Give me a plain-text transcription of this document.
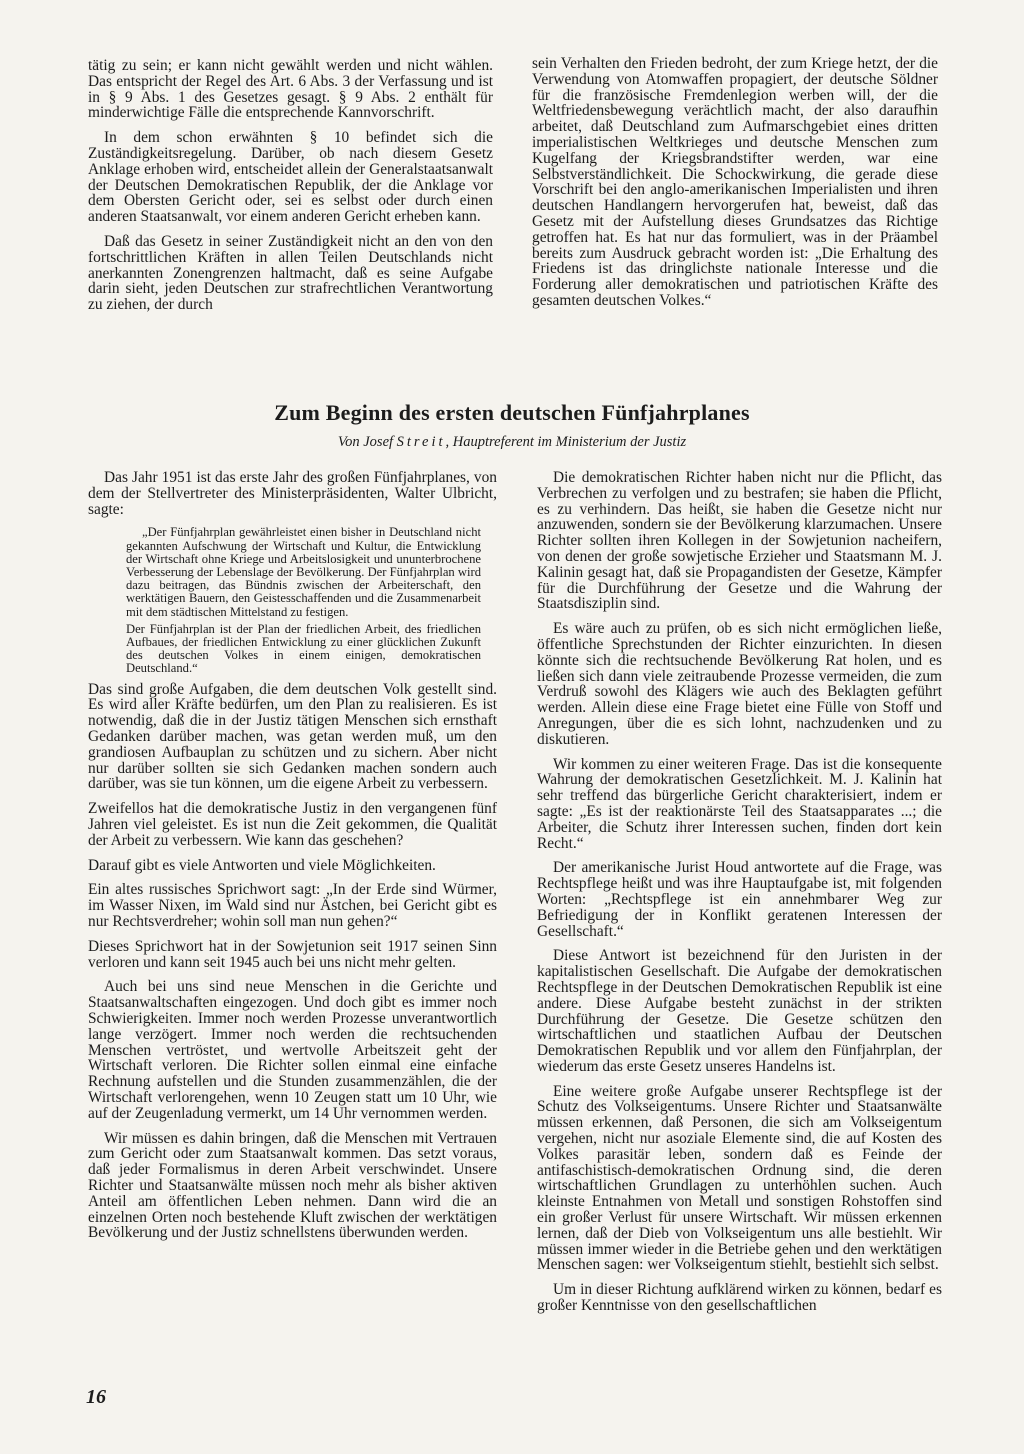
tätig zu sein; er kann nicht gewählt werden und nicht wählen. Das entspricht der Regel des Art. 6 Abs. 3 der Verfassung und ist in § 9 Abs. 1 des Gesetzes gesagt. § 9 Abs. 2 enthält für minderwichtige Fälle die entsprechende Kannvorschrift.

In dem schon erwähnten § 10 befindet sich die Zuständigkeitsregelung. Darüber, ob nach diesem Gesetz Anklage erhoben wird, entscheidet allein der Generalstaatsanwalt der Deutschen Demokratischen Republik, der die Anklage vor dem Obersten Gericht oder, sei es selbst oder durch einen anderen Staatsanwalt, vor einem anderen Gericht erheben kann.

Daß das Gesetz in seiner Zuständigkeit nicht an den von den fortschrittlichen Kräften in allen Teilen Deutschlands nicht anerkannten Zonengrenzen haltmacht, daß es seine Aufgabe darin sieht, jeden Deutschen zur strafrechtlichen Verantwortung zu ziehen, der durch

sein Verhalten den Frieden bedroht, der zum Kriege hetzt, der die Verwendung von Atomwaffen propagiert, der deutsche Söldner für die französische Fremdenlegion werben will, der die Weltfriedensbewegung verächtlich macht, der also daraufhin arbeitet, daß Deutschland zum Aufmarschgebiet eines dritten imperialistischen Weltkrieges und deutsche Menschen zum Kugelfang der Kriegsbrandstifter werden, war eine Selbstverständlichkeit. Die Schockwirkung, die gerade diese Vorschrift bei den anglo-amerikanischen Imperialisten und ihren deutschen Handlangern hervorgerufen hat, beweist, daß das Gesetz mit der Aufstellung dieses Grundsatzes das Richtige getroffen hat. Es hat nur das formuliert, was in der Präambel bereits zum Ausdruck gebracht worden ist: „Die Erhaltung des Friedens ist das dringlichste nationale Interesse und die Forderung aller demokratischen und patriotischen Kräfte des gesamten deutschen Volkes.“

Zum Beginn des ersten deutschen Fünfjahrplanes
Von Josef Streit, Hauptreferent im Ministerium der Justiz

Das Jahr 1951 ist das erste Jahr des großen Fünfjahrplanes, von dem der Stellvertreter des Ministerpräsidenten, Walter Ulbricht, sagte:

„Der Fünfjahrplan gewährleistet einen bisher in Deutschland nicht gekannten Aufschwung der Wirtschaft und Kultur, die Entwicklung der Wirtschaft ohne Kriege und Arbeitslosigkeit und ununterbrochene Verbesserung der Lebenslage der Bevölkerung. Der Fünfjahrplan wird dazu beitragen, das Bündnis zwischen der Arbeiterschaft, den werktätigen Bauern, den Geistesschaffenden und die Zusammenarbeit mit dem städtischen Mittelstand zu festigen.

Der Fünfjahrplan ist der Plan der friedlichen Arbeit, des friedlichen Aufbaues, der friedlichen Entwicklung zu einer glücklichen Zukunft des deutschen Volkes in einem einigen, demokratischen Deutschland.“

Das sind große Aufgaben, die dem deutschen Volk gestellt sind. Es wird aller Kräfte bedürfen, um den Plan zu realisieren. Es ist notwendig, daß die in der Justiz tätigen Menschen sich ernsthaft Gedanken darüber machen, was getan werden muß, um den grandiosen Aufbauplan zu schützen und zu sichern. Aber nicht nur darüber sollten sie sich Gedanken machen sondern auch darüber, was sie tun können, um die eigene Arbeit zu verbessern.

Zweifellos hat die demokratische Justiz in den vergangenen fünf Jahren viel geleistet. Es ist nun die Zeit gekommen, die Qualität der Arbeit zu verbessern. Wie kann das geschehen?

Darauf gibt es viele Antworten und viele Möglichkeiten.

Ein altes russisches Sprichwort sagt: „In der Erde sind Würmer, im Wasser Nixen, im Wald sind nur Ästchen, bei Gericht gibt es nur Rechtsverdreher; wohin soll man nun gehen?“

Dieses Sprichwort hat in der Sowjetunion seit 1917 seinen Sinn verloren und kann seit 1945 auch bei uns nicht mehr gelten.

Auch bei uns sind neue Menschen in die Gerichte und Staatsanwaltschaften eingezogen. Und doch gibt es immer noch Schwierigkeiten. Immer noch werden Prozesse unverantwortlich lange verzögert. Immer noch werden die rechtsuchenden Menschen vertröstet, und wertvolle Arbeitszeit geht der Wirtschaft verloren. Die Richter sollen einmal eine einfache Rechnung aufstellen und die Stunden zusammenzählen, die der Wirtschaft verlorengehen, wenn 10 Zeugen statt um 10 Uhr, wie auf der Zeugenladung vermerkt, um 14 Uhr vernommen werden.

Wir müssen es dahin bringen, daß die Menschen mit Vertrauen zum Gericht oder zum Staatsanwalt kommen. Das setzt voraus, daß jeder Formalismus in deren Arbeit verschwindet. Unsere Richter und Staatsanwälte müssen noch mehr als bisher aktiven Anteil am öffentlichen Leben nehmen. Dann wird die an einzelnen Orten noch bestehende Kluft zwischen der werktätigen Bevölkerung und der Justiz schnellstens überwunden werden.

Die demokratischen Richter haben nicht nur die Pflicht, das Verbrechen zu verfolgen und zu bestrafen; sie haben die Pflicht, es zu verhindern. Das heißt, sie haben die Gesetze nicht nur anzuwenden, sondern sie der Bevölkerung klarzumachen. Unsere Richter sollten ihren Kollegen in der Sowjetunion nacheifern, von denen der große sowjetische Erzieher und Staatsmann M. J. Kalinin gesagt hat, daß sie Propagandisten der Gesetze, Kämpfer für die Durchführung der Gesetze und die Wahrung der Staatsdisziplin sind.

Es wäre auch zu prüfen, ob es sich nicht ermöglichen ließe, öffentliche Sprechstunden der Richter einzurichten. In diesen könnte sich die rechtsuchende Bevölkerung Rat holen, und es ließen sich dann viele zeitraubende Prozesse vermeiden, die zum Verdruß sowohl des Klägers wie auch des Beklagten geführt werden. Allein diese eine Frage bietet eine Fülle von Stoff und Anregungen, über die es sich lohnt, nachzudenken und zu diskutieren.

Wir kommen zu einer weiteren Frage. Das ist die konsequente Wahrung der demokratischen Gesetzlichkeit. M. J. Kalinin hat sehr treffend das bürgerliche Gericht charakterisiert, indem er sagte: „Es ist der reaktionärste Teil des Staatsapparates ...; die Arbeiter, die Schutz ihrer Interessen suchen, finden dort kein Recht.“

Der amerikanische Jurist Houd antwortete auf die Frage, was Rechtspflege heißt und was ihre Hauptaufgabe ist, mit folgenden Worten: „Rechtspflege ist ein annehmbarer Weg zur Befriedigung der in Konflikt geratenen Interessen der Gesellschaft.“

Diese Antwort ist bezeichnend für den Juristen in der kapitalistischen Gesellschaft. Die Aufgabe der demokratischen Rechtspflege in der Deutschen Demokratischen Republik ist eine andere. Diese Aufgabe besteht zunächst in der strikten Durchführung der Gesetze. Die Gesetze schützen den wirtschaftlichen und staatlichen Aufbau der Deutschen Demokratischen Republik und vor allem den Fünfjahrplan, der wiederum das erste Gesetz unseres Handelns ist.

Eine weitere große Aufgabe unserer Rechtspflege ist der Schutz des Volkseigentums. Unsere Richter und Staatsanwälte müssen erkennen, daß Personen, die sich am Volkseigentum vergehen, nicht nur asoziale Elemente sind, die auf Kosten des Volkes parasitär leben, sondern daß es Feinde der antifaschistisch-demokratischen Ordnung sind, die deren wirtschaftlichen Grundlagen zu unterhöhlen suchen. Auch kleinste Entnahmen von Metall und sonstigen Rohstoffen sind ein großer Verlust für unsere Wirtschaft. Wir müssen erkennen lernen, daß der Dieb von Volkseigentum uns alle bestiehlt. Wir müssen immer wieder in die Betriebe gehen und den werktätigen Menschen sagen: wer Volkseigentum stiehlt, bestiehlt sich selbst.

Um in dieser Richtung aufklärend wirken zu können, bedarf es großer Kenntnisse von den gesellschaftlichen

16
